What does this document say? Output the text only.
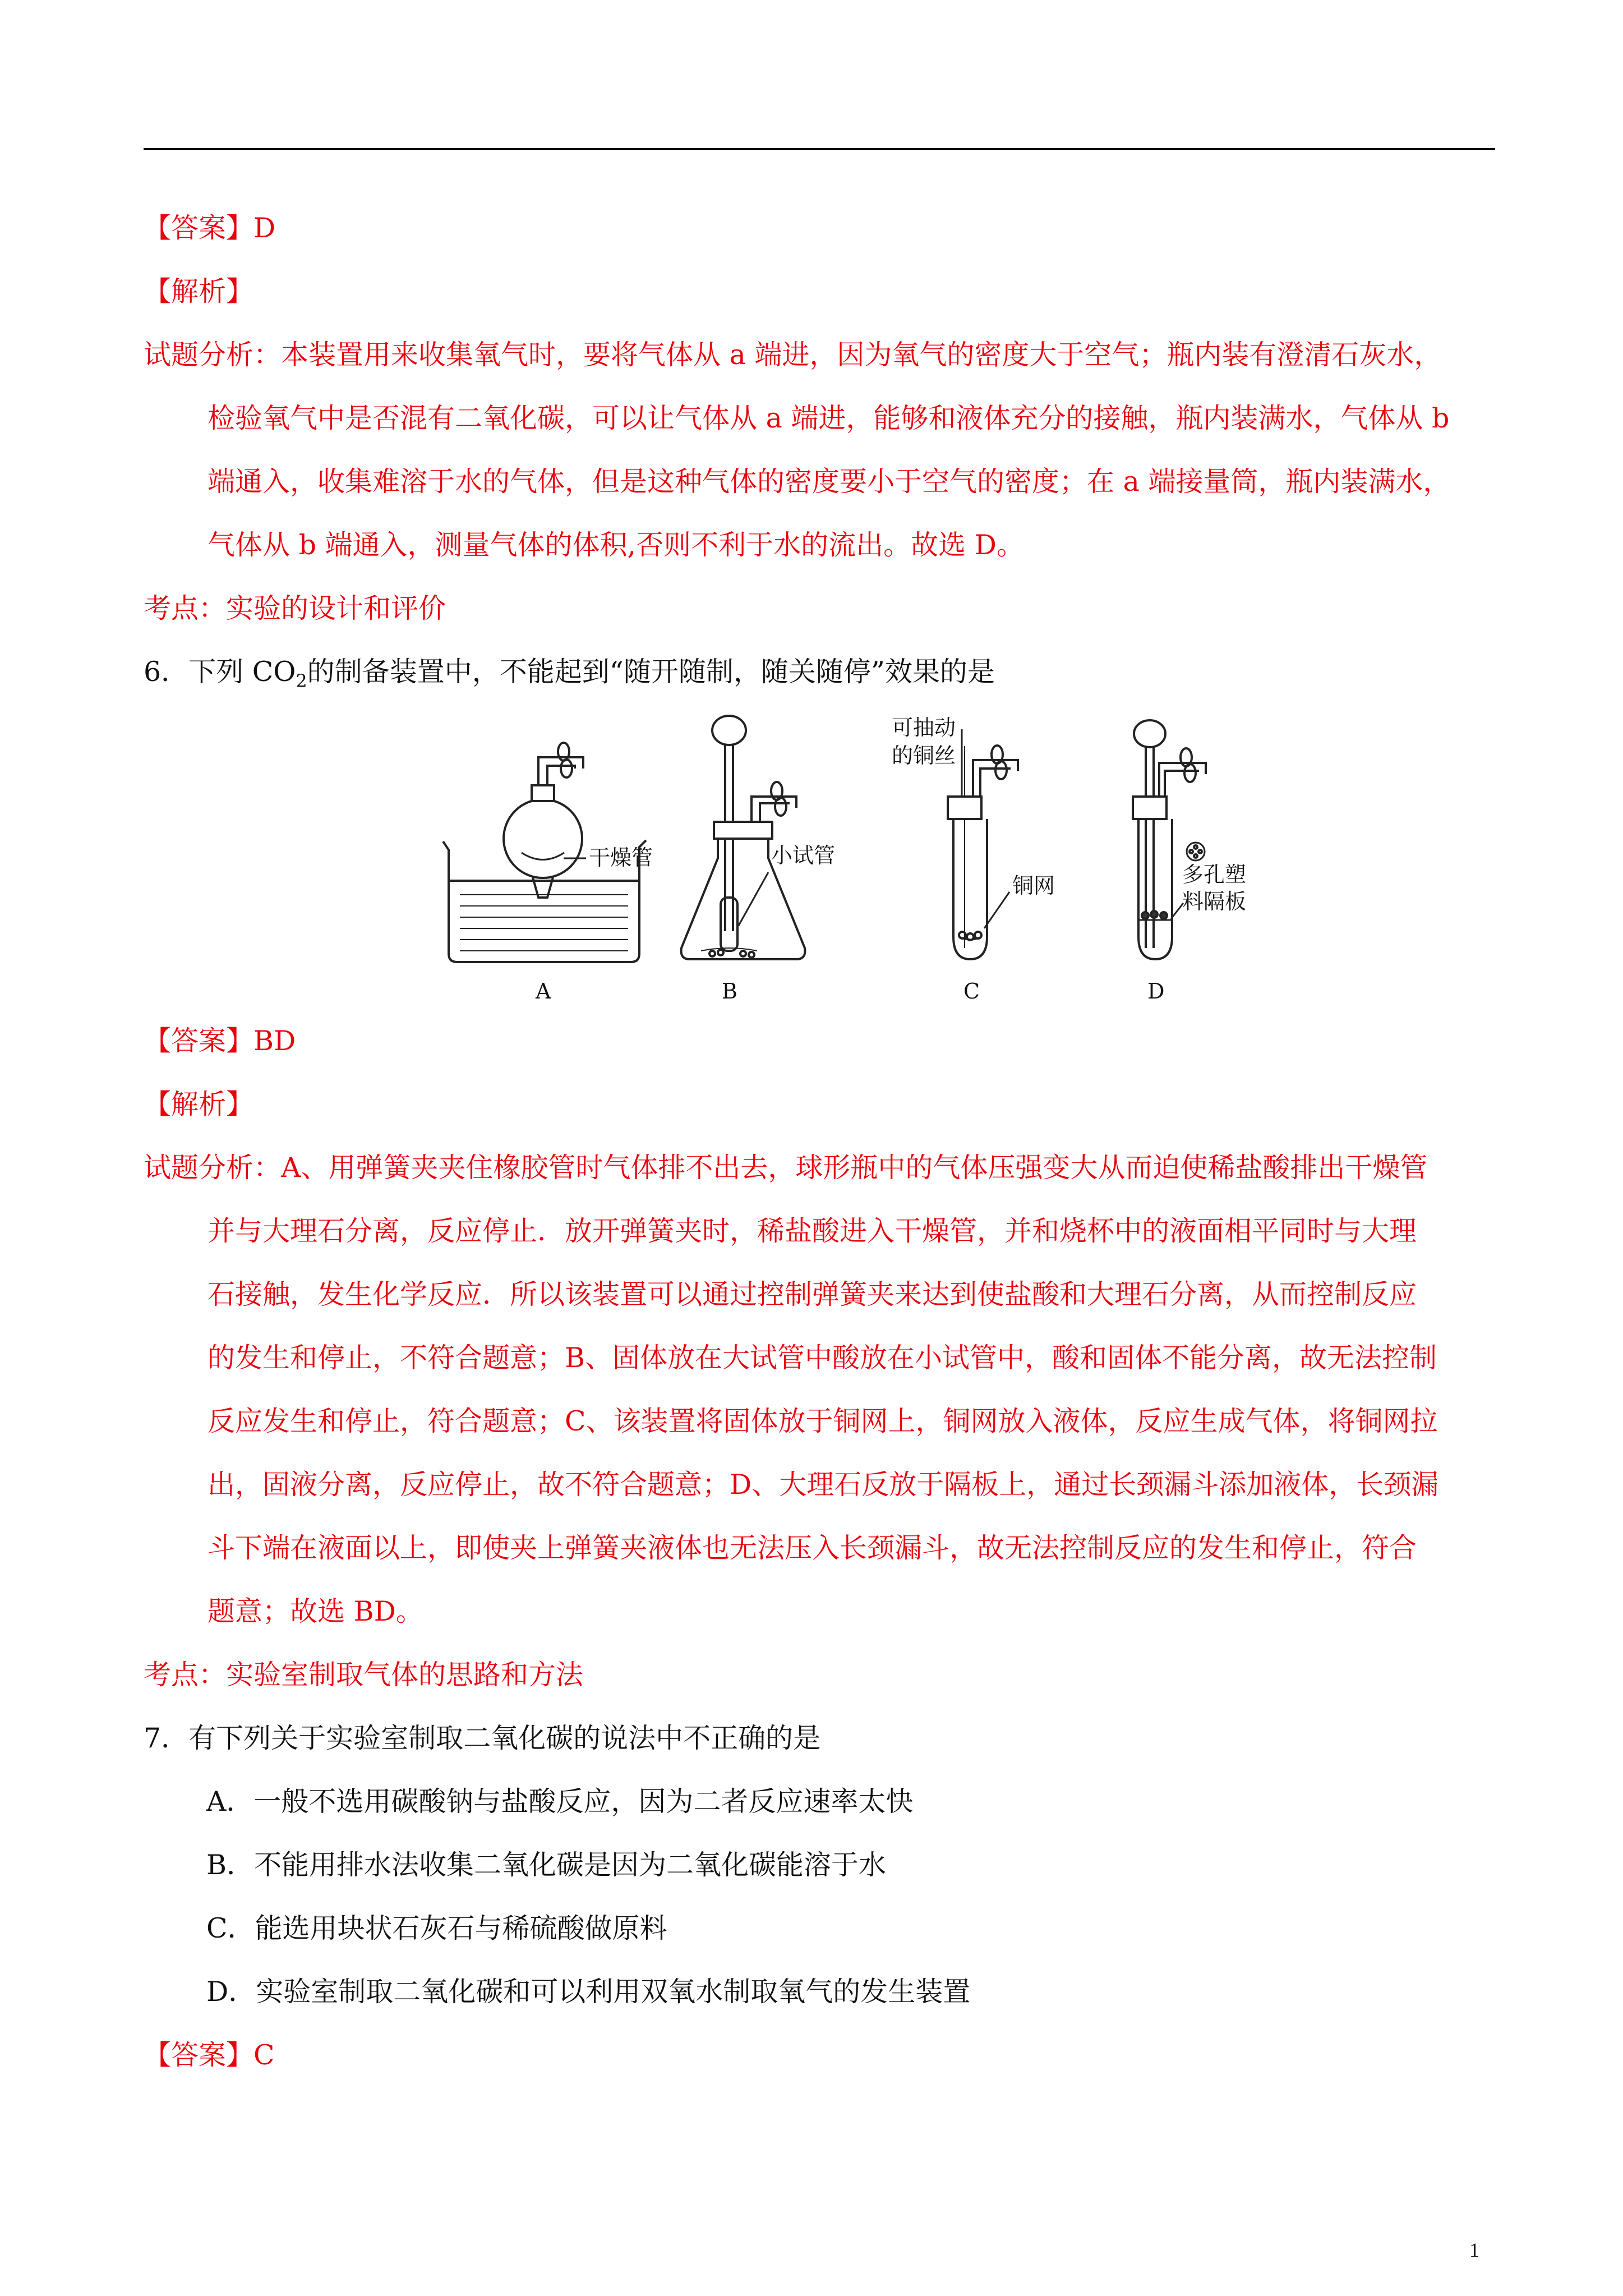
【答案】D
【解析】
试题分析：本装置用来收集氧气时，要将气体从 a 端进，因为氧气的密度大于空气；瓶内装有澄清石灰水，
检验氧气中是否混有二氧化碳，可以让气体从 a 端进，能够和液体充分的接触，瓶内装满水，气体从 b
端通入，收集难溶于水的气体，但是这种气体的密度要小于空气的密度；在 a 端接量筒，瓶内装满水，
气体从 b 端通入，测量气体的体积,否则不利于水的流出。故选 D。
考点：实验的设计和评价
6．下列 $CO_2$的制备装置中，不能起到“随开随制，随关随停”效果的是
干燥管
A
小试管
B
可抽动
的铜丝
铜网
C
多孔塑
料隔板
D
【答案】BD
【解析】
试题分析：A、用弹簧夹夹住橡胶管时气体排不出去，球形瓶中的气体压强变大从而迫使稀盐酸排出干燥管
并与大理石分离，反应停止．放开弹簧夹时，稀盐酸进入干燥管，并和烧杯中的液面相平同时与大理
石接触，发生化学反应．所以该装置可以通过控制弹簧夹来达到使盐酸和大理石分离，从而控制反应
的发生和停止，不符合题意；B、固体放在大试管中酸放在小试管中，酸和固体不能分离，故无法控制
反应发生和停止，符合题意；C、该装置将固体放于铜网上，铜网放入液体，反应生成气体，将铜网拉
出，固液分离，反应停止，故不符合题意；D、大理石反放于隔板上，通过长颈漏斗添加液体，长颈漏
斗下端在液面以上，即使夹上弹簧夹液体也无法压入长颈漏斗，故无法控制反应的发生和停止，符合
题意；故选 BD。
考点：实验室制取气体的思路和方法
7．有下列关于实验室制取二氧化碳的说法中不正确的是
A．一般不选用碳酸钠与盐酸反应，因为二者反应速率太快
B．不能用排水法收集二氧化碳是因为二氧化碳能溶于水
C．能选用块状石灰石与稀硫酸做原料
D．实验室制取二氧化碳和可以利用双氧水制取氧气的发生装置
【答案】C
1
